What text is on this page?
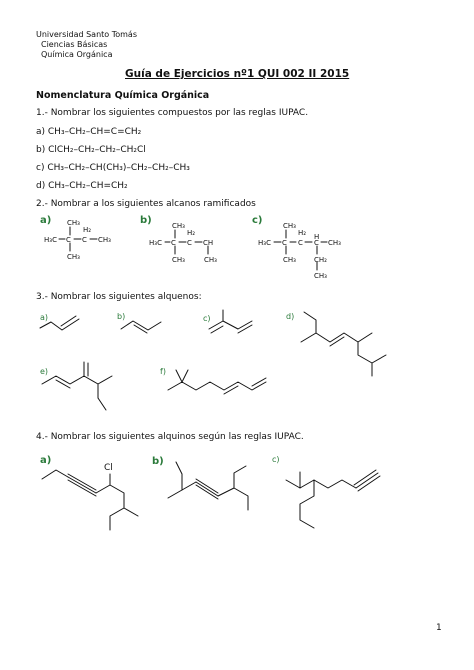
Universidad Santo Tomás
Ciencias Básicas
Química Orgánica
Guía de Ejercicios nº1 QUI 002 II 2015
Nomenclatura Química Orgánica
1.- Nombrar los siguientes compuestos por las reglas IUPAC.
a) CH₃–CH₂–CH=C=CH₂
b) ClCH₂–CH₂–CH₂–CH₂Cl
c) CH₃–CH₂–CH(CH₃)–CH₂–CH₂–CH₃
d) CH₃–CH₂–CH=CH₂
2.- Nombrar a los siguientes alcanos ramificados
a)	b)	c)
3.- Nombrar los siguientes alquenos:
a)	b)	c)	d)
e)	f)
4.- Nombrar los siguientes alquinos según las reglas IUPAC.
a)	b)	c)
Cl
1
CH₃
H₂
H₃C C C CH₃
CH₃
CH₃
H₂
H₃C C C CH
CH₃	CH₃
CH₃
H₂
H₃C C C
H
C CH₃
CH₃	CH₂
CH₃
